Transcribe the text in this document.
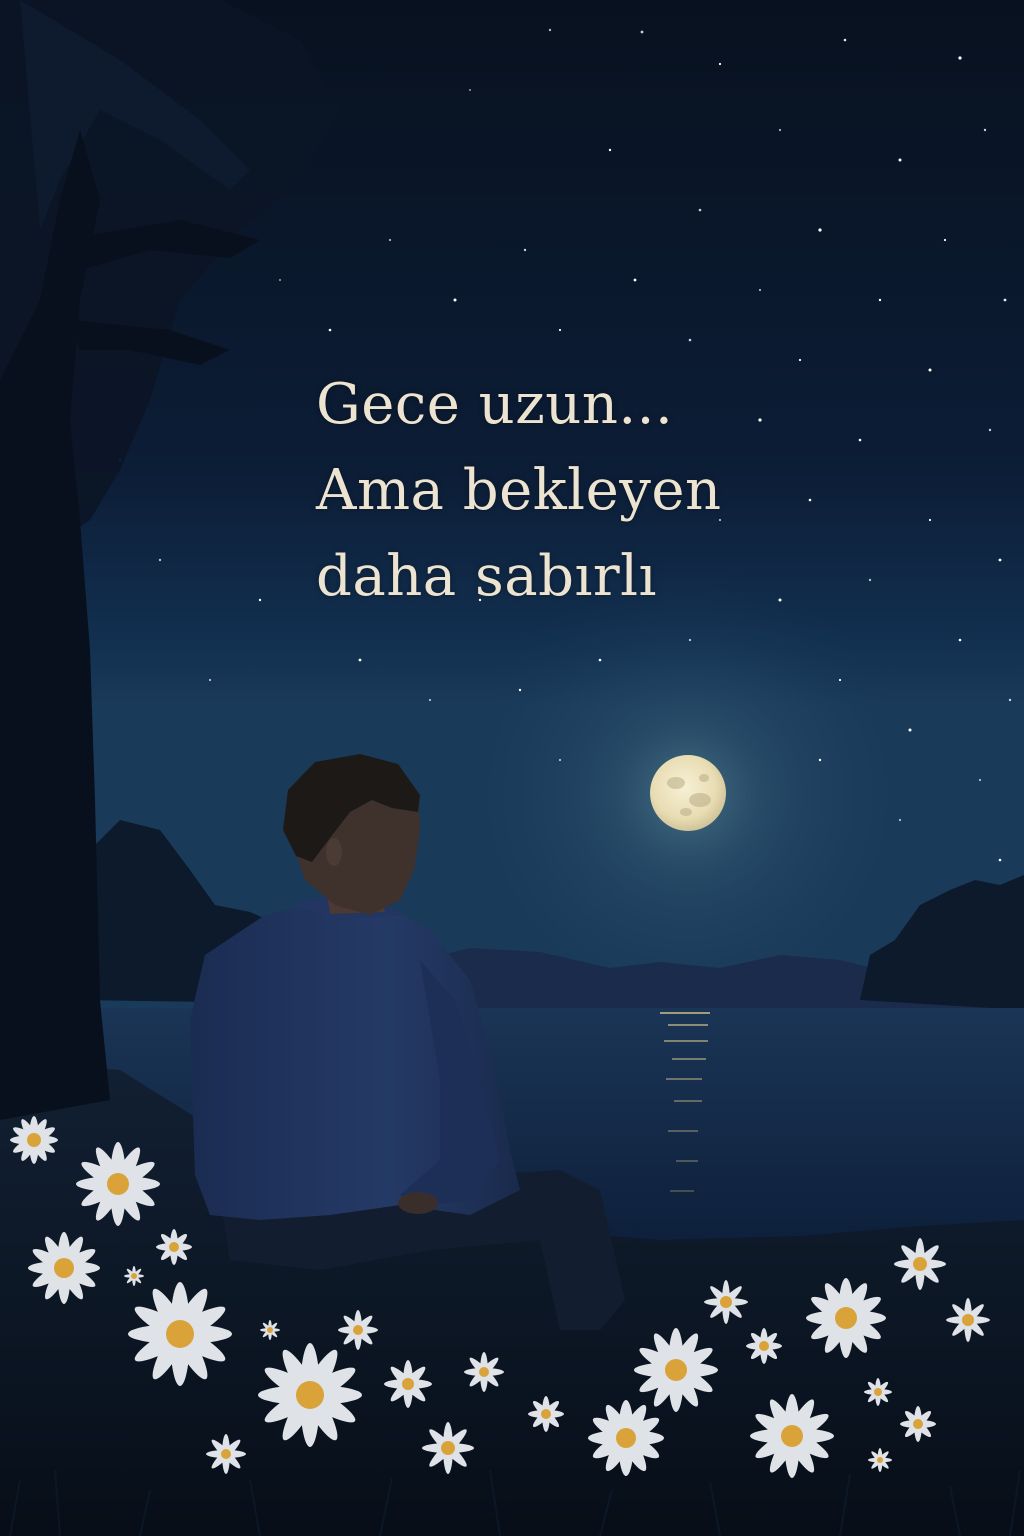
Gece uzun...
Ama bekleyen
daha sabırlı
